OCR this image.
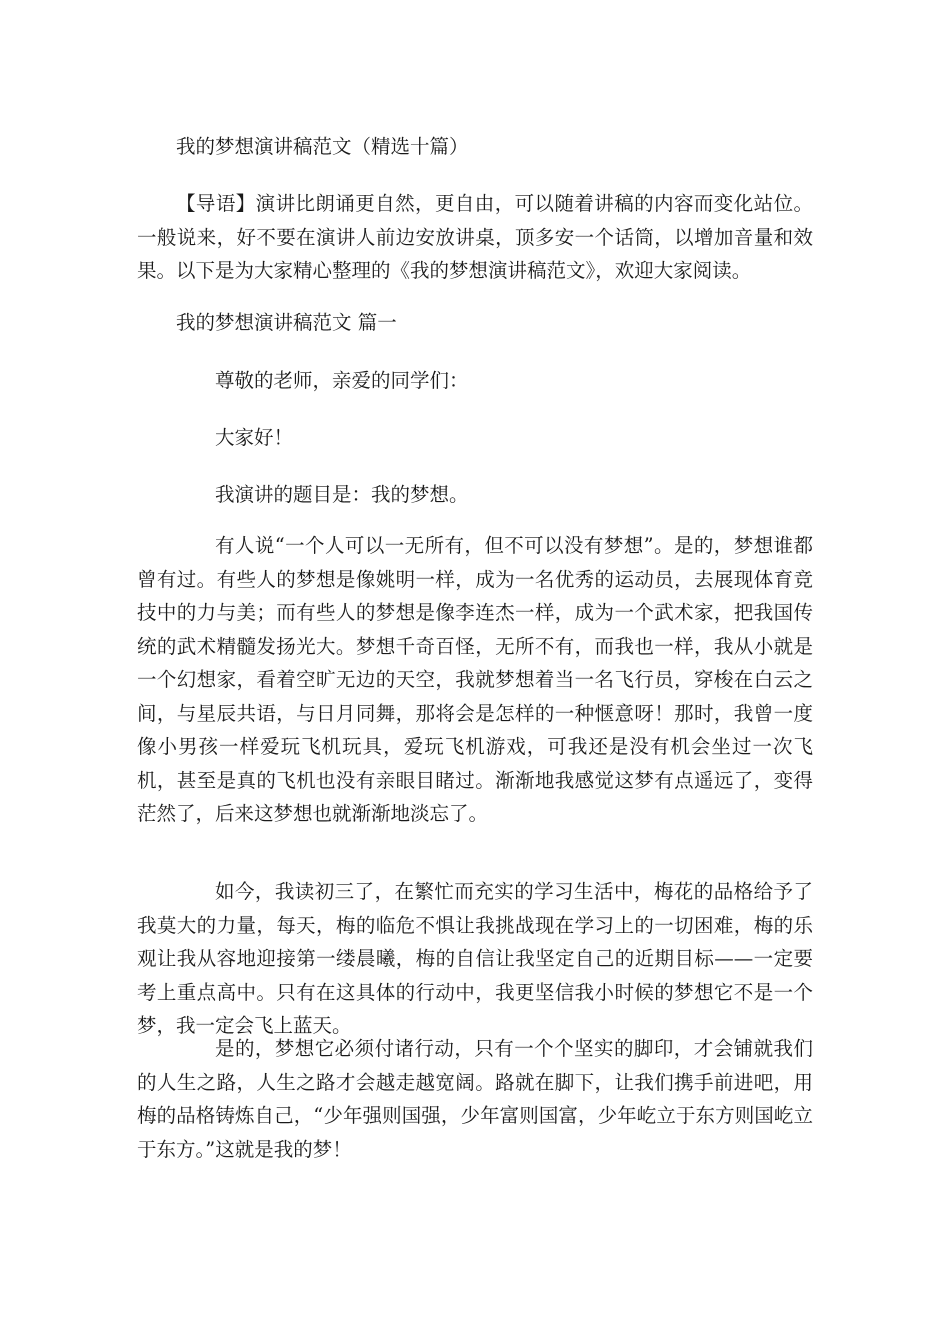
我的梦想演讲稿范文（精选十篇）

【导语】演讲比朗诵更自然，更自由，可以随着讲稿的内容而变化站位。一般说来，好不要在演讲人前边安放讲桌，顶多安一个话筒，以增加音量和效果。以下是为大家精心整理的《我的梦想演讲稿范文》，欢迎大家阅读。

我的梦想演讲稿范文 篇一

尊敬的老师，亲爱的同学们：

大家好！

我演讲的题目是：我的梦想。

有人说“一个人可以一无所有，但不可以没有梦想”。是的，梦想谁都曾有过。有些人的梦想是像姚明一样，成为一名优秀的运动员，去展现体育竞技中的力与美；而有些人的梦想是像李连杰一样，成为一个武术家，把我国传统的武术精髓发扬光大。梦想千奇百怪，无所不有，而我也一样，我从小就是一个幻想家，看着空旷无边的天空，我就梦想着当一名飞行员，穿梭在白云之间，与星辰共语，与日月同舞，那将会是怎样的一种惬意呀！那时，我曾一度像小男孩一样爱玩飞机玩具，爱玩飞机游戏，可我还是没有机会坐过一次飞机，甚至是真的飞机也没有亲眼目睹过。渐渐地我感觉这梦有点遥远了，变得茫然了，后来这梦想也就渐渐地淡忘了。

如今，我读初三了，在繁忙而充实的学习生活中，梅花的品格给予了我莫大的力量，每天，梅的临危不惧让我挑战现在学习上的一切困难，梅的乐观让我从容地迎接第一缕晨曦，梅的自信让我坚定自己的近期目标——一定要考上重点高中。只有在这具体的行动中，我更坚信我小时候的梦想它不是一个梦，我一定会飞上蓝天。

是的，梦想它必须付诸行动，只有一个个坚实的脚印，才会铺就我们的人生之路，人生之路才会越走越宽阔。路就在脚下，让我们携手前进吧，用梅的品格铸炼自己，“少年强则国强，少年富则国富，少年屹立于东方则国屹立于东方。”这就是我的梦！
